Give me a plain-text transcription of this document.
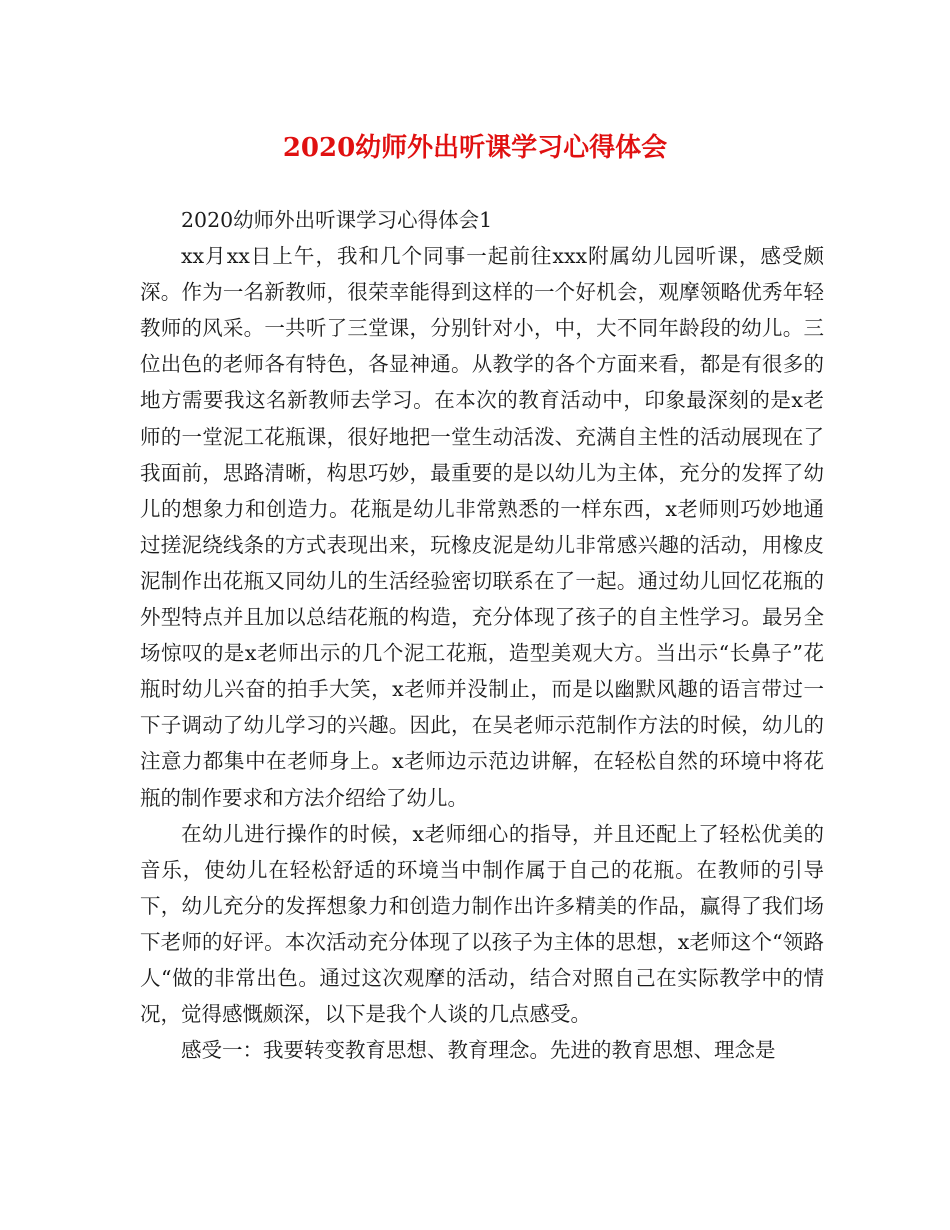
2020幼师外出听课学习心得体会

2020幼师外出听课学习心得体会1

xx月xx日上午，我和几个同事一起前往xxx附属幼儿园听课，感受颇深。作为一名新教师，很荣幸能得到这样的一个好机会，观摩领略优秀年轻教师的风采。一共听了三堂课，分别针对小，中，大不同年龄段的幼儿。三位出色的老师各有特色，各显神通。从教学的各个方面来看，都是有很多的地方需要我这名新教师去学习。在本次的教育活动中，印象最深刻的是x老师的一堂泥工花瓶课，很好地把一堂生动活泼、充满自主性的活动展现在了我面前，思路清晰，构思巧妙，最重要的是以幼儿为主体，充分的发挥了幼儿的想象力和创造力。花瓶是幼儿非常熟悉的一样东西，x老师则巧妙地通过搓泥绕线条的方式表现出来，玩橡皮泥是幼儿非常感兴趣的活动，用橡皮泥制作出花瓶又同幼儿的生活经验密切联系在了一起。通过幼儿回忆花瓶的外型特点并且加以总结花瓶的构造，充分体现了孩子的自主性学习。最另全场惊叹的是x老师出示的几个泥工花瓶，造型美观大方。当出示“长鼻子”花瓶时幼儿兴奋的拍手大笑，x老师并没制止，而是以幽默风趣的语言带过一下子调动了幼儿学习的兴趣。因此，在吴老师示范制作方法的时候，幼儿的注意力都集中在老师身上。x老师边示范边讲解，在轻松自然的环境中将花瓶的制作要求和方法介绍给了幼儿。

在幼儿进行操作的时候，x老师细心的指导，并且还配上了轻松优美的音乐，使幼儿在轻松舒适的环境当中制作属于自己的花瓶。在教师的引导下，幼儿充分的发挥想象力和创造力制作出许多精美的作品，赢得了我们场下老师的好评。本次活动充分体现了以孩子为主体的思想，x老师这个“领路人“做的非常出色。通过这次观摩的活动，结合对照自己在实际教学中的情况，觉得感慨颇深，以下是我个人谈的几点感受。

感受一：我要转变教育思想、教育理念。先进的教育思想、理念是
